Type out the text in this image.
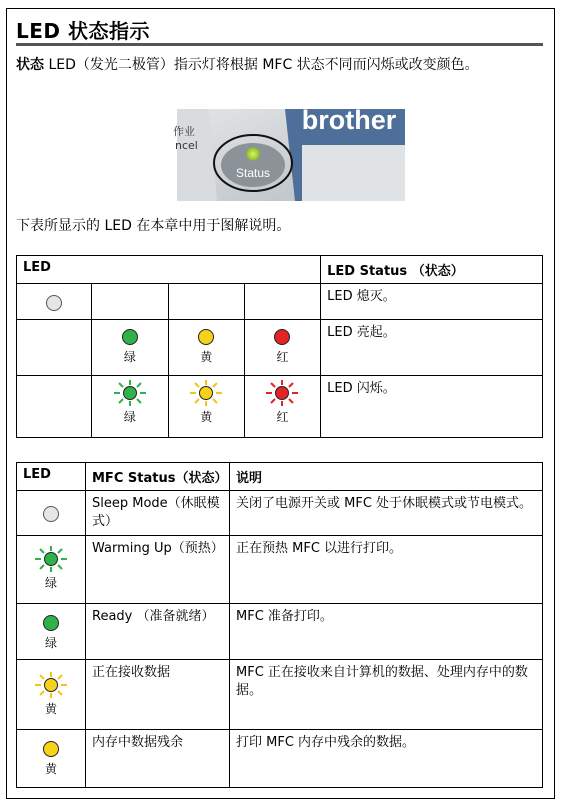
LED 状态指示
状态 LED（发光二极管）指示灯将根据 MFC 状态不同而闪烁或改变颜色。
brother
作业
ncel
Status
下表所显示的 LED 在本章中用于图解说明。
LED				LED Status （状态）

				LED 熄灭。

	绿	黄	红	LED 亮起。

	绿	黄	红	LED 闪烁。
LED	MFC Status（状态）	说明

	Sleep Mode（休眠模式）	关闭了电源开关或 MFC 处于休眠模式或节电模式。

绿	Warming Up（预热）	正在预热 MFC 以进行打印。

绿	Ready （准备就绪）	MFC 准备打印。

黄	正在接收数据	MFC 正在接收来自计算机的数据、处理内存中的数据。

黄	内存中数据残余	打印 MFC 内存中残余的数据。
